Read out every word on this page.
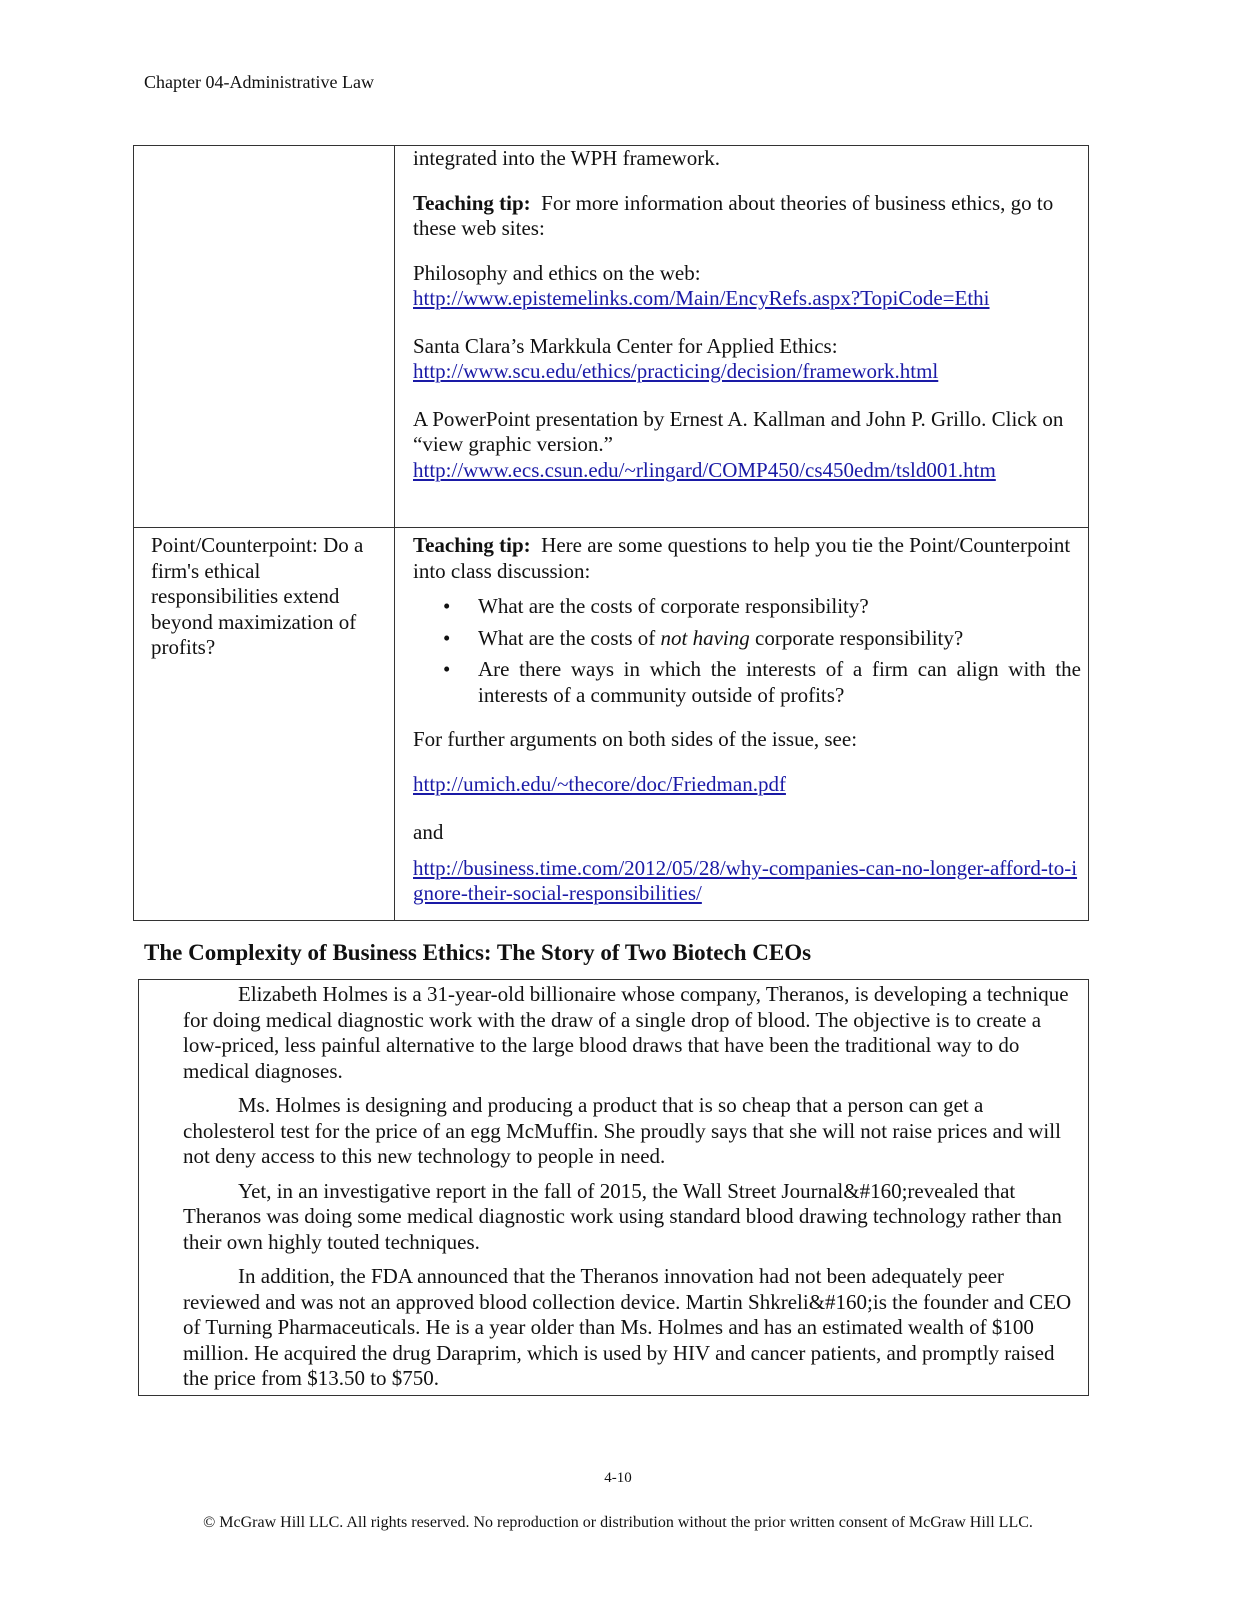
Chapter 04-Administrative Law

integrated into the WPH framework.

Teaching tip:  For more information about theories of business ethics, go to these web sites:

Philosophy and ethics on the web:
http://www.epistemelinks.com/Main/EncyRefs.aspx?TopiCode=Ethi

Santa Clara’s Markkula Center for Applied Ethics:
http://www.scu.edu/ethics/practicing/decision/framework.html

A PowerPoint presentation by Ernest A. Kallman and John P. Grillo. Click on “view graphic version.”
http://www.ecs.csun.edu/~rlingard/COMP450/cs450edm/tsld001.htm

Point/Counterpoint: Do a firm's ethical responsibilities extend beyond maximization of profits?

Teaching tip:  Here are some questions to help you tie the Point/Counterpoint into class discussion:

• What are the costs of corporate responsibility?
• What are the costs of not having corporate responsibility?
• Are there ways in which the interests of a firm can align with the interests of a community outside of profits?

For further arguments on both sides of the issue, see:

http://umich.edu/~thecore/doc/Friedman.pdf

and

http://business.time.com/2012/05/28/why-companies-can-no-longer-afford-to-ignore-their-social-responsibilities/

The Complexity of Business Ethics: The Story of Two Biotech CEOs

Elizabeth Holmes is a 31-year-old billionaire whose company, Theranos, is developing a technique for doing medical diagnostic work with the draw of a single drop of blood. The objective is to create a low-priced, less painful alternative to the large blood draws that have been the traditional way to do medical diagnoses.

Ms. Holmes is designing and producing a product that is so cheap that a person can get a cholesterol test for the price of an egg McMuffin. She proudly says that she will not raise prices and will not deny access to this new technology to people in need.

Yet, in an investigative report in the fall of 2015, the Wall Street Journal&#160;revealed that Theranos was doing some medical diagnostic work using standard blood drawing technology rather than their own highly touted techniques.

In addition, the FDA announced that the Theranos innovation had not been adequately peer reviewed and was not an approved blood collection device. Martin Shkreli&#160;is the founder and CEO of Turning Pharmaceuticals. He is a year older than Ms. Holmes and has an estimated wealth of $100 million. He acquired the drug Daraprim, which is used by HIV and cancer patients, and promptly raised the price from $13.50 to $750.

4-10
© McGraw Hill LLC. All rights reserved. No reproduction or distribution without the prior written consent of McGraw Hill LLC.
